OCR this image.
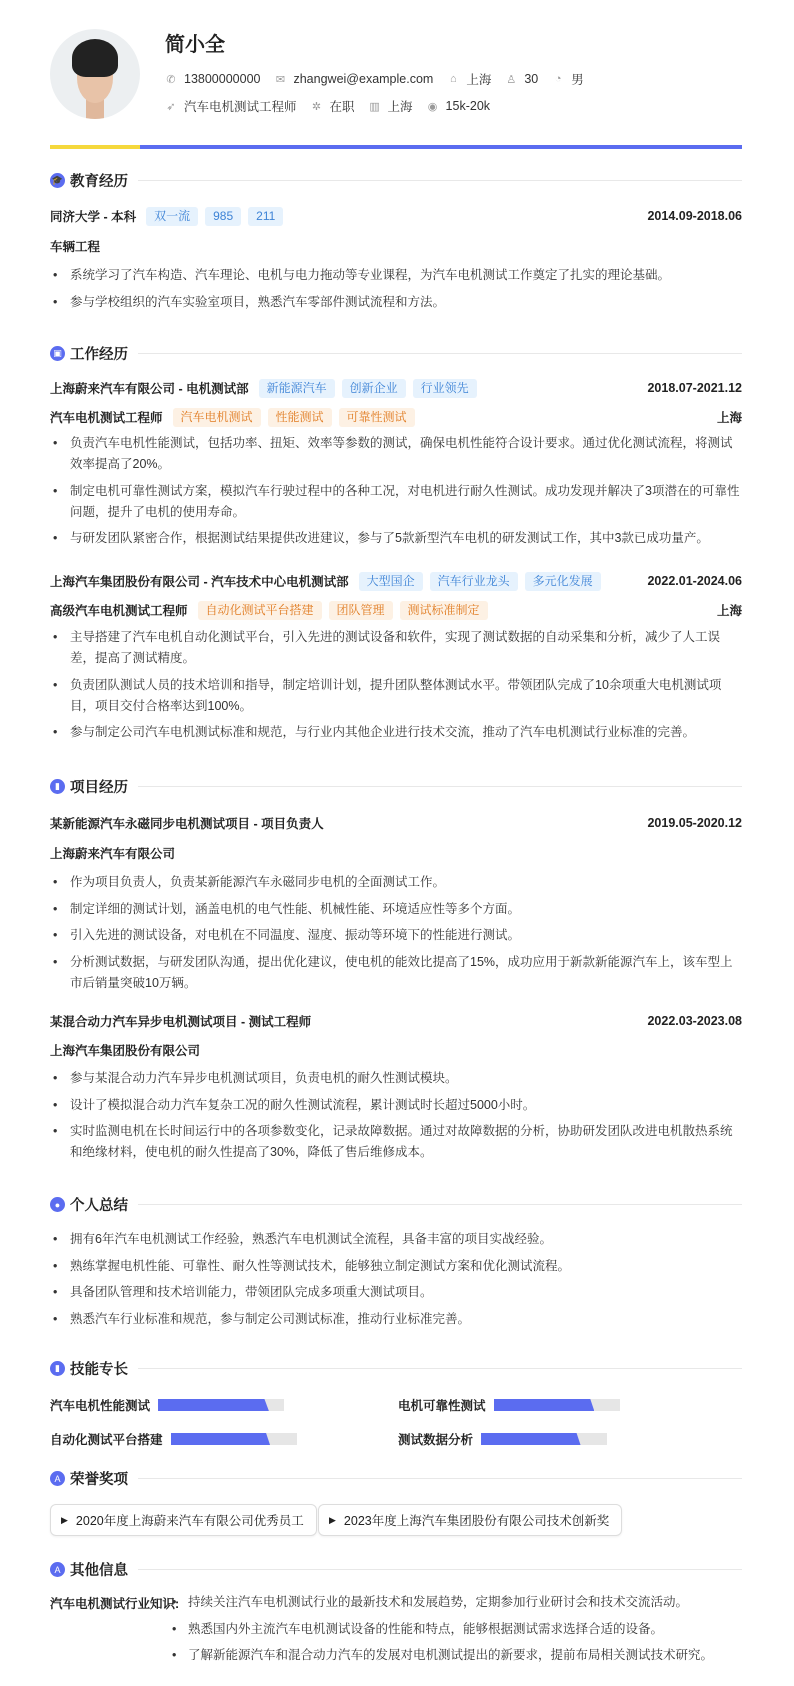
简小全
✆ 13800000000 ✉ zhangwei@example.com ⌂ 上海 ♙ 30 ◔ 男
➶ 汽车电机测试工程师 ✲ 在职 ▥ 上海 ◉ 15k-20k
🎓 教育经历
同济大学 - 本科	双一流	985	211	2014.09-2018.06
车辆工程
• 系统学习了汽车构造、汽车理论、电机与电力拖动等专业课程，为汽车电机测试工作奠定了扎实的理论基础。
• 参与学校组织的汽车实验室项目，熟悉汽车零部件测试流程和方法。
▣ 工作经历
上海蔚来汽车有限公司 - 电机测试部	新能源汽车	创新企业	行业领先	2018.07-2021.12
汽车电机测试工程师	汽车电机测试	性能测试	可靠性测试	上海
• 负责汽车电机性能测试，包括功率、扭矩、效率等参数的测试，确保电机性能符合设计要求。通过优化测试流程，将测试效率提高了20%。
• 制定电机可靠性测试方案，模拟汽车行驶过程中的各种工况，对电机进行耐久性测试。成功发现并解决了3项潜在的可靠性问题，提升了电机的使用寿命。
• 与研发团队紧密合作，根据测试结果提供改进建议，参与了5款新型汽车电机的研发测试工作，其中3款已成功量产。
上海汽车集团股份有限公司 - 汽车技术中心电机测试部	大型国企	汽车行业龙头	多元化发展	2022.01-2024.06
高级汽车电机测试工程师	自动化测试平台搭建	团队管理	测试标准制定	上海
• 主导搭建了汽车电机自动化测试平台，引入先进的测试设备和软件，实现了测试数据的自动采集和分析，减少了人工误差，提高了测试精度。
• 负责团队测试人员的技术培训和指导，制定培训计划，提升团队整体测试水平。带领团队完成了10余项重大电机测试项目，项目交付合格率达到100%。
• 参与制定公司汽车电机测试标准和规范，与行业内其他企业进行技术交流，推动了汽车电机测试行业标准的完善。
▮ 项目经历
某新能源汽车永磁同步电机测试项目 - 项目负责人	2019.05-2020.12
上海蔚来汽车有限公司
• 作为项目负责人，负责某新能源汽车永磁同步电机的全面测试工作。
• 制定详细的测试计划，涵盖电机的电气性能、机械性能、环境适应性等多个方面。
• 引入先进的测试设备，对电机在不同温度、湿度、振动等环境下的性能进行测试。
• 分析测试数据，与研发团队沟通，提出优化建议，使电机的能效比提高了15%，成功应用于新款新能源汽车上，该车型上市后销量突破10万辆。
某混合动力汽车异步电机测试项目 - 测试工程师	2022.03-2023.08
上海汽车集团股份有限公司
• 参与某混合动力汽车异步电机测试项目，负责电机的耐久性测试模块。
• 设计了模拟混合动力汽车复杂工况的耐久性测试流程，累计测试时长超过5000小时。
• 实时监测电机在长时间运行中的各项参数变化，记录故障数据。通过对故障数据的分析，协助研发团队改进电机散热系统和绝缘材料，使电机的耐久性提高了30%，降低了售后维修成本。
● 个人总结
• 拥有6年汽车电机测试工作经验，熟悉汽车电机测试全流程，具备丰富的项目实战经验。
• 熟练掌握电机性能、可靠性、耐久性等测试技术，能够独立制定测试方案和优化测试流程。
• 具备团队管理和技术培训能力，带领团队完成多项重大测试项目。
• 熟悉汽车行业标准和规范，参与制定公司测试标准，推动行业标准完善。
▮ 技能专长
汽车电机性能测试	电机可靠性测试
自动化测试平台搭建	测试数据分析
A 荣誉奖项
▶ 2020年度上海蔚来汽车有限公司优秀员工	▶ 2023年度上海汽车集团股份有限公司技术创新奖
A 其他信息
汽车电机测试行业知识: • 持续关注汽车电机测试行业的最新技术和发展趋势，定期参加行业研讨会和技术交流活动。
• 熟悉国内外主流汽车电机测试设备的性能和特点，能够根据测试需求选择合适的设备。
• 了解新能源汽车和混合动力汽车的发展对电机测试提出的新要求，提前布局相关测试技术研究。
